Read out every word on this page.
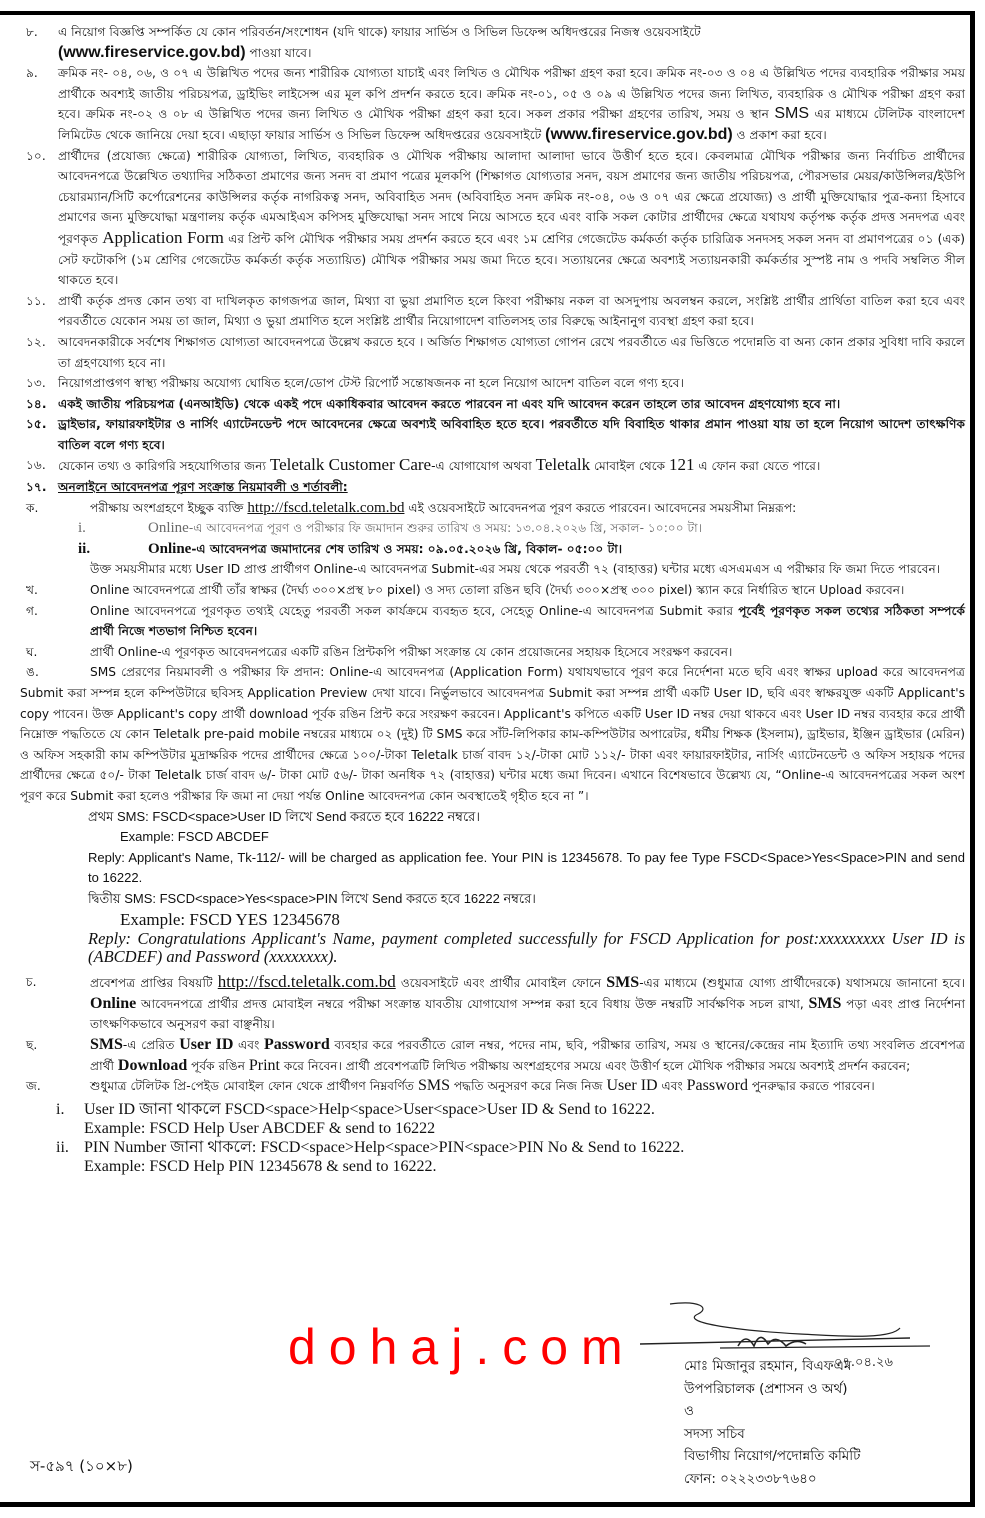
৮.	এ নিয়োগ বিজ্ঞপ্তি সম্পর্কিত যে কোন পরিবর্তন/সংশোধন (যদি থাকে) ফায়ার সার্ভিস ও সিভিল ডিফেন্স অধিদপ্তরের নিজস্ব ওয়েবসাইটে
(www.fireservice.gov.bd) পাওয়া যাবে।
৯.	ক্রমিক নং- ০৪, ০৬, ও ০৭ এ উল্লিখিত পদের জন্য শারীরিক যোগ্যতা যাচাই এবং লিখিত ও মৌখিক পরীক্ষা গ্রহণ করা হবে। ক্রমিক নং-০৩ ও ০৪ এ উল্লিখিত পদের ব্যবহারিক পরীক্ষার সময় প্রার্থীকে অবশ্যই জাতীয় পরিচয়পত্র, ড্রাইভিং লাইসেন্স এর মূল কপি প্রদর্শন করতে হবে। ক্রমিক নং-০১, ০৫ ও ০৯ এ উল্লিখিত পদের জন্য লিখিত, ব্যবহারিক ও মৌখিক পরীক্ষা গ্রহণ করা হবে। ক্রমিক নং-০২ ও ০৮ এ উল্লিখিত পদের জন্য লিখিত ও মৌখিক পরীক্ষা গ্রহণ করা হবে। সকল প্রকার পরীক্ষা গ্রহণের তারিখ, সময় ও স্থান SMS এর মাধ্যমে টেলিটক বাংলাদেশ লিমিটেড থেকে জানিয়ে দেয়া হবে। এছাড়া ফায়ার সার্ভিস ও সিভিল ডিফেন্স অধিদপ্তরের ওয়েবসাইটে (www.fireservice.gov.bd) ও প্রকাশ করা হবে।
১০.	প্রার্থীদের (প্রযোজ্য ক্ষেত্রে) শারীরিক যোগ্যতা, লিখিত, ব্যবহারিক ও মৌখিক পরীক্ষায় আলাদা আলাদা ভাবে উত্তীর্ণ হতে হবে। কেবলমাত্র মৌখিক পরীক্ষার জন্য নির্বাচিত প্রার্থীদের আবেদনপত্রে উল্লেখিত তথ্যাদির সঠিকতা প্রমাণের জন্য সনদ বা প্রমাণ পত্রের মূলকপি (শিক্ষাগত যোগ্যতার সনদ, বয়স প্রমাণের জন্য জাতীয় পরিচয়পত্র, পৌরসভার মেয়র/কাউন্সিলর/ইউপি চেয়ারম্যান/সিটি কর্পোরেশনের কাউন্সিলর কর্তৃক নাগরিকত্ব সনদ, অবিবাহিত সনদ (অবিবাহিত সনদ ক্রমিক নং-০৪, ০৬ ও ০৭ এর ক্ষেত্রে প্রযোজ্য) ও প্রার্থী মুক্তিযোদ্ধার পুত্র-কন্যা হিসাবে প্রমাণের জন্য মুক্তিযোদ্ধা মন্ত্রণালয় কর্তৃক এমআইএস কপিসহ মুক্তিযোদ্ধা সনদ সাথে নিয়ে আসতে হবে এবং বাকি সকল কোটার প্রার্থীদের ক্ষেত্রে যথাযথ কর্তৃপক্ষ কর্তৃক প্রদত্ত সনদপত্র এবং পূরণকৃত Application Form এর প্রিন্ট কপি মৌখিক পরীক্ষার সময় প্রদর্শন করতে হবে এবং ১ম শ্রেণির গেজেটেড কর্মকর্তা কর্তৃক চারিত্রিক সনদসহ সকল সনদ বা প্রমাণপত্রের ০১ (এক) সেট ফটোকপি (১ম শ্রেণির গেজেটেড কর্মকর্তা কর্তৃক সত্যায়িত) মৌখিক পরীক্ষার সময় জমা দিতে হবে। সত্যায়নের ক্ষেত্রে অবশ্যই সত্যায়নকারী কর্মকর্তার সুস্পষ্ট নাম ও পদবি সম্বলিত সীল থাকতে হবে।
১১.	প্রার্থী কর্তৃক প্রদত্ত কোন তথ্য বা দাখিলকৃত কাগজপত্র জাল, মিথ্যা বা ভুয়া প্রমাণিত হলে কিংবা পরীক্ষায় নকল বা অসদুপায় অবলম্বন করলে, সংশ্লিষ্ট প্রার্থীর প্রার্থিতা বাতিল করা হবে এবং পরবর্তীতে যেকোন সময় তা জাল, মিথ্যা ও ভুয়া প্রমাণিত হলে সংশ্লিষ্ট প্রার্থীর নিয়োগাদেশ বাতিলসহ তার বিরুদ্ধে আইনানুগ ব্যবস্থা গ্রহণ করা হবে।
১২.	আবেদনকারীকে সর্বশেষ শিক্ষাগত যোগ্যতা আবেদনপত্রে উল্লেখ করতে হবে । অর্জিত শিক্ষাগত যোগ্যতা গোপন রেখে পরবর্তীতে এর ভিত্তিতে পদোন্নতি বা অন্য কোন প্রকার সুবিধা দাবি করলে তা গ্রহণযোগ্য হবে না।
১৩.	নিয়োগপ্রাপ্তগণ স্বাস্থ্য পরীক্ষায় অযোগ্য ঘোষিত হলে/ডোপ টেস্ট রিপোর্ট সন্তোষজনক না হলে নিয়োগ আদেশ বাতিল বলে গণ্য হবে।
১৪. একই জাতীয় পরিচয়পত্র (এনআইডি) থেকে একই পদে একাধিকবার আবেদন করতে পারবেন না এবং যদি আবেদন করেন তাহলে তার আবেদন গ্রহণযোগ্য হবে না।
১৫. ড্রাইভার, ফায়ারফাইটার ও নার্সিং এ্যাটেনডেন্ট পদে আবেদনের ক্ষেত্রে অবশ্যই অবিবাহিত হতে হবে। পরবর্তীতে যদি বিবাহিত থাকার প্রমান পাওয়া যায় তা হলে নিয়োগ আদেশ তাৎক্ষণিক বাতিল বলে গণ্য হবে।
১৬.	যেকোন তথ্য ও কারিগরি সহযোগিতার জন্য Teletalk Customer Care-এ যোগাযোগ অথবা Teletalk মোবাইল থেকে 121 এ ফোন করা যেতে পারে।
১৭. অনলাইনে আবেদনপত্র পূরণ সংক্রান্ত নিয়মাবলী ও শর্তাবলী:
ক.	পরীক্ষায় অংশগ্রহণে ইচ্ছুক ব্যক্তি http://fscd.teletalk.com.bd এই ওয়েবসাইটে আবেদনপত্র পূরণ করতে পারবেন। আবেদনের সময়সীমা নিম্নরূপ:
i.	Online-এ আবেদনপত্র পূরণ ও পরীক্ষার ফি জমাদান শুরুর তারিখ ও সময়: ১৩.০৪.২০২৬ খ্রি, সকাল- ১০:০০ টা।
ii.	Online-এ আবেদনপত্র জমাদানের শেষ তারিখ ও সময়: ০৯.০৫.২০২৬ খ্রি, বিকাল- ০৫:০০ টা।
উক্ত সময়সীমার মধ্যে User ID প্রাপ্ত প্রার্থীগণ Online-এ আবেদনপত্র Submit-এর সময় থেকে পরবর্তী ৭২ (বাহাত্তর) ঘন্টার মধ্যে এসএমএস এ পরীক্ষার ফি জমা দিতে পারবেন।
খ.	Online আবেদনপত্রে প্রার্থী তাঁর স্বাক্ষর (দৈর্ঘ্য ৩০০×প্রস্থ ৮০ pixel) ও সদ্য তোলা রঙিন ছবি (দৈর্ঘ্য ৩০০×প্রস্থ ৩০০ pixel) স্ক্যান করে নির্ধারিত স্থানে Upload করবেন।
গ.	Online আবেদনপত্রে পূরণকৃত তথ্যই যেহেতু পরবর্তী সকল কার্যক্রমে ব্যবহৃত হবে, সেহেতু Online-এ আবেদনপত্র Submit করার পূর্বেই পূরণকৃত সকল তথ্যের সঠিকতা সম্পর্কে প্রার্থী নিজে শতভাগ নিশ্চিত হবেন।
ঘ.	প্রার্থী Online-এ পূরণকৃত আবেদনপত্রের একটি রঙিন প্রিন্টকপি পরীক্ষা সংক্রান্ত যে কোন প্রয়োজনের সহায়ক হিসেবে সংরক্ষণ করবেন।
ঙ.	SMS প্রেরণের নিয়মাবলী ও পরীক্ষার ফি প্রদান: Online-এ আবেদনপত্র (Application Form) যথাযথভাবে পূরণ করে নির্দেশনা মতে ছবি এবং স্বাক্ষর upload করে আবেদনপত্র Submit করা সম্পন্ন হলে কম্পিউটারে ছবিসহ Application Preview দেখা যাবে। নির্ভুলভাবে আবেদনপত্র Submit করা সম্পন্ন প্রার্থী একটি User ID, ছবি এবং স্বাক্ষরযুক্ত একটি Applicant's copy পাবেন। উক্ত Applicant's copy প্রার্থী download পূর্বক রঙিন প্রিন্ট করে সংরক্ষণ করবেন। Applicant's কপিতে একটি User ID নম্বর দেয়া থাকবে এবং User ID নম্বর ব্যবহার করে প্রার্থী নিম্নোক্ত পদ্ধতিতে যে কোন Teletalk pre-paid mobile নম্বরের মাধ্যমে ০২ (দুই) টি SMS করে সাঁট-লিপিকার কাম-কম্পিউটার অপারেটর, ধর্মীয় শিক্ষক (ইসলাম), ড্রাইভার, ইঞ্জিন ড্রাইভার (মেরিন) ও অফিস সহকারী কাম কম্পিউটার মুদ্রাক্ষরিক পদের প্রার্থীদের ক্ষেত্রে ১০০/-টাকা Teletalk চার্জ বাবদ ১২/-টাকা মোট ১১২/- টাকা এবং ফায়ারফাইটার, নার্সিং এ্যাটেনডেন্ট ও অফিস সহায়ক পদের প্রার্থীদের ক্ষেত্রে ৫০/- টাকা Teletalk চার্জ বাবদ ৬/- টাকা মোট ৫৬/- টাকা অনধিক ৭২ (বাহাত্তর) ঘন্টার মধ্যে জমা দিবেন। এখানে বিশেষভাবে উল্লেখ্য যে, “Online-এ আবেদনপত্রের সকল অংশ পূরণ করে Submit করা হলেও পরীক্ষার ফি জমা না দেয়া পর্যন্ত Online আবেদনপত্র কোন অবস্থাতেই গৃহীত হবে না ”।
প্রথম SMS: FSCD<space>User ID লিখে Send করতে হবে 16222 নম্বরে।
Example: FSCD ABCDEF
Reply: Applicant's Name, Tk-112/- will be charged as application fee. Your PIN is 12345678. To pay fee Type FSCD<Space>Yes<Space>PIN and send to 16222.
দ্বিতীয় SMS: FSCD<space>Yes<space>PIN লিখে Send করতে হবে 16222 নম্বরে।
Example: FSCD YES 12345678
Reply: Congratulations Applicant's Name, payment completed successfully for FSCD Application for post:xxxxxxxxx User ID is (ABCDEF) and Password (xxxxxxxx).
চ.	প্রবেশপত্র প্রাপ্তির বিষয়টি http://fscd.teletalk.com.bd ওয়েবসাইটে এবং প্রার্থীর মোবাইল ফোনে SMS-এর মাধ্যমে (শুধুমাত্র যোগ্য প্রার্থীদেরকে) যথাসময়ে জানানো হবে। Online আবেদনপত্রে প্রার্থীর প্রদত্ত মোবাইল নম্বরে পরীক্ষা সংক্রান্ত যাবতীয় যোগাযোগ সম্পন্ন করা হবে বিধায় উক্ত নম্বরটি সার্বক্ষণিক সচল রাখা, SMS পড়া এবং প্রাপ্ত নির্দেশনা তাৎক্ষণিকভাবে অনুসরণ করা বাঞ্ছনীয়।
ছ.	SMS-এ প্রেরিত User ID এবং Password ব্যবহার করে পরবর্তীতে রোল নম্বর, পদের নাম, ছবি, পরীক্ষার তারিখ, সময় ও স্থানের/কেন্দ্রের নাম ইত্যাদি তথ্য সংবলিত প্রবেশপত্র প্রার্থী Download পূর্বক রঙিন Print করে নিবেন। প্রার্থী প্রবেশপত্রটি লিখিত পরীক্ষায় অংশগ্রহণের সময়ে এবং উত্তীর্ণ হলে মৌখিক পরীক্ষার সময়ে অবশ্যই প্রদর্শন করবেন;
জ.	শুধুমাত্র টেলিটক প্রি-পেইড মোবাইল ফোন থেকে প্রার্থীগণ নিম্নবর্ণিত SMS পদ্ধতি অনুসরণ করে নিজ নিজ User ID এবং Password পুনরুদ্ধার করতে পারবেন।
i.	User ID জানা থাকলে FSCD<space>Help<space>User<space>User ID & Send to 16222.
Example: FSCD Help User ABCDEF & send to 16222
ii. PIN Number জানা থাকলে: FSCD<space>Help<space>PIN<space>PIN No & Send to 16222.
Example: FSCD Help PIN 12345678 & send to 16222.
০৭.০৪.২৬
dohaj.com	মোঃ মিজানুর রহমান, বিএফএম
উপপরিচালক (প্রশাসন ও অর্থ)
ও
সদস্য সচিব
বিভাগীয় নিয়োগ/পদোন্নতি কমিটি
ফোন: ০২২২৩৩৮৭৬৪০
স-৫৯৭ (১০×৮)
